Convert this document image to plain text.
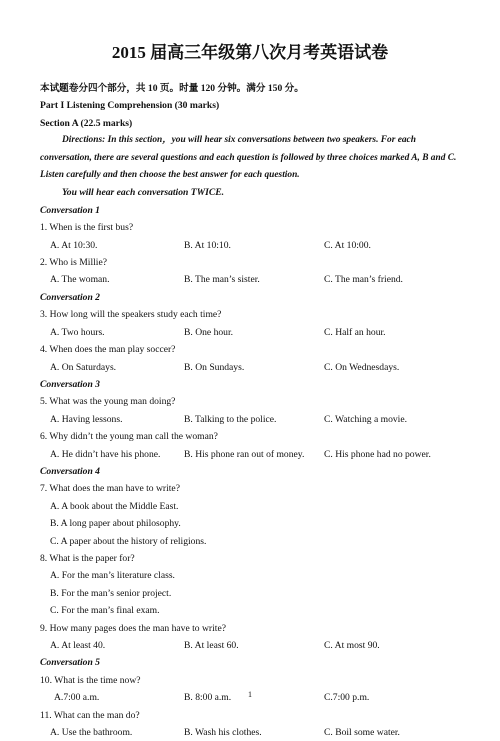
2015 届高三年级第八次月考英语试卷
本试题卷分四个部分，共 10 页。时量 120 分钟。满分 150 分。
Part I Listening Comprehension (30 marks)
Section A (22.5 marks)
Directions: In this section，you will hear six conversations between two speakers. For each conversation, there are several questions and each question is followed by three choices marked A, B and C. Listen carefully and then choose the best answer for each question.
You will hear each conversation TWICE.
Conversation 1
1. When is the first bus?
A. At 10:30.	B. At 10:10.	C. At 10:00.
2. Who is Millie?
A. The woman.	B. The man’s sister.	C. The man’s friend.
Conversation 2
3. How long will the speakers study each time?
A. Two hours.	B. One hour.	C. Half an hour.
4. When does the man play soccer?
A. On Saturdays.	B. On Sundays.	C. On Wednesdays.
Conversation 3
5. What was the young man doing?
A. Having lessons.	B. Talking to the police.	C. Watching a movie.
6. Why didn’t the young man call the woman?
A. He didn’t have his phone.	B. His phone ran out of money.	C. His phone had no power.
Conversation 4
7. What does the man have to write?
A. A book about the Middle East.
B. A long paper about philosophy.
C. A paper about the history of religions.
8. What is the paper for?
A. For the man’s literature class.
B. For the man’s senior project.
C. For the man’s final exam.
9. How many pages does the man have to write?
A. At least 40.	B. At least 60.	C. At most 90.
Conversation 5
10. What is the time now?
A.7:00 a.m.	B. 8:00 a.m.	C.7:00 p.m.
11. What can the man do?
A. Use the bathroom.	B. Wash his clothes.	C. Boil some water.
1
